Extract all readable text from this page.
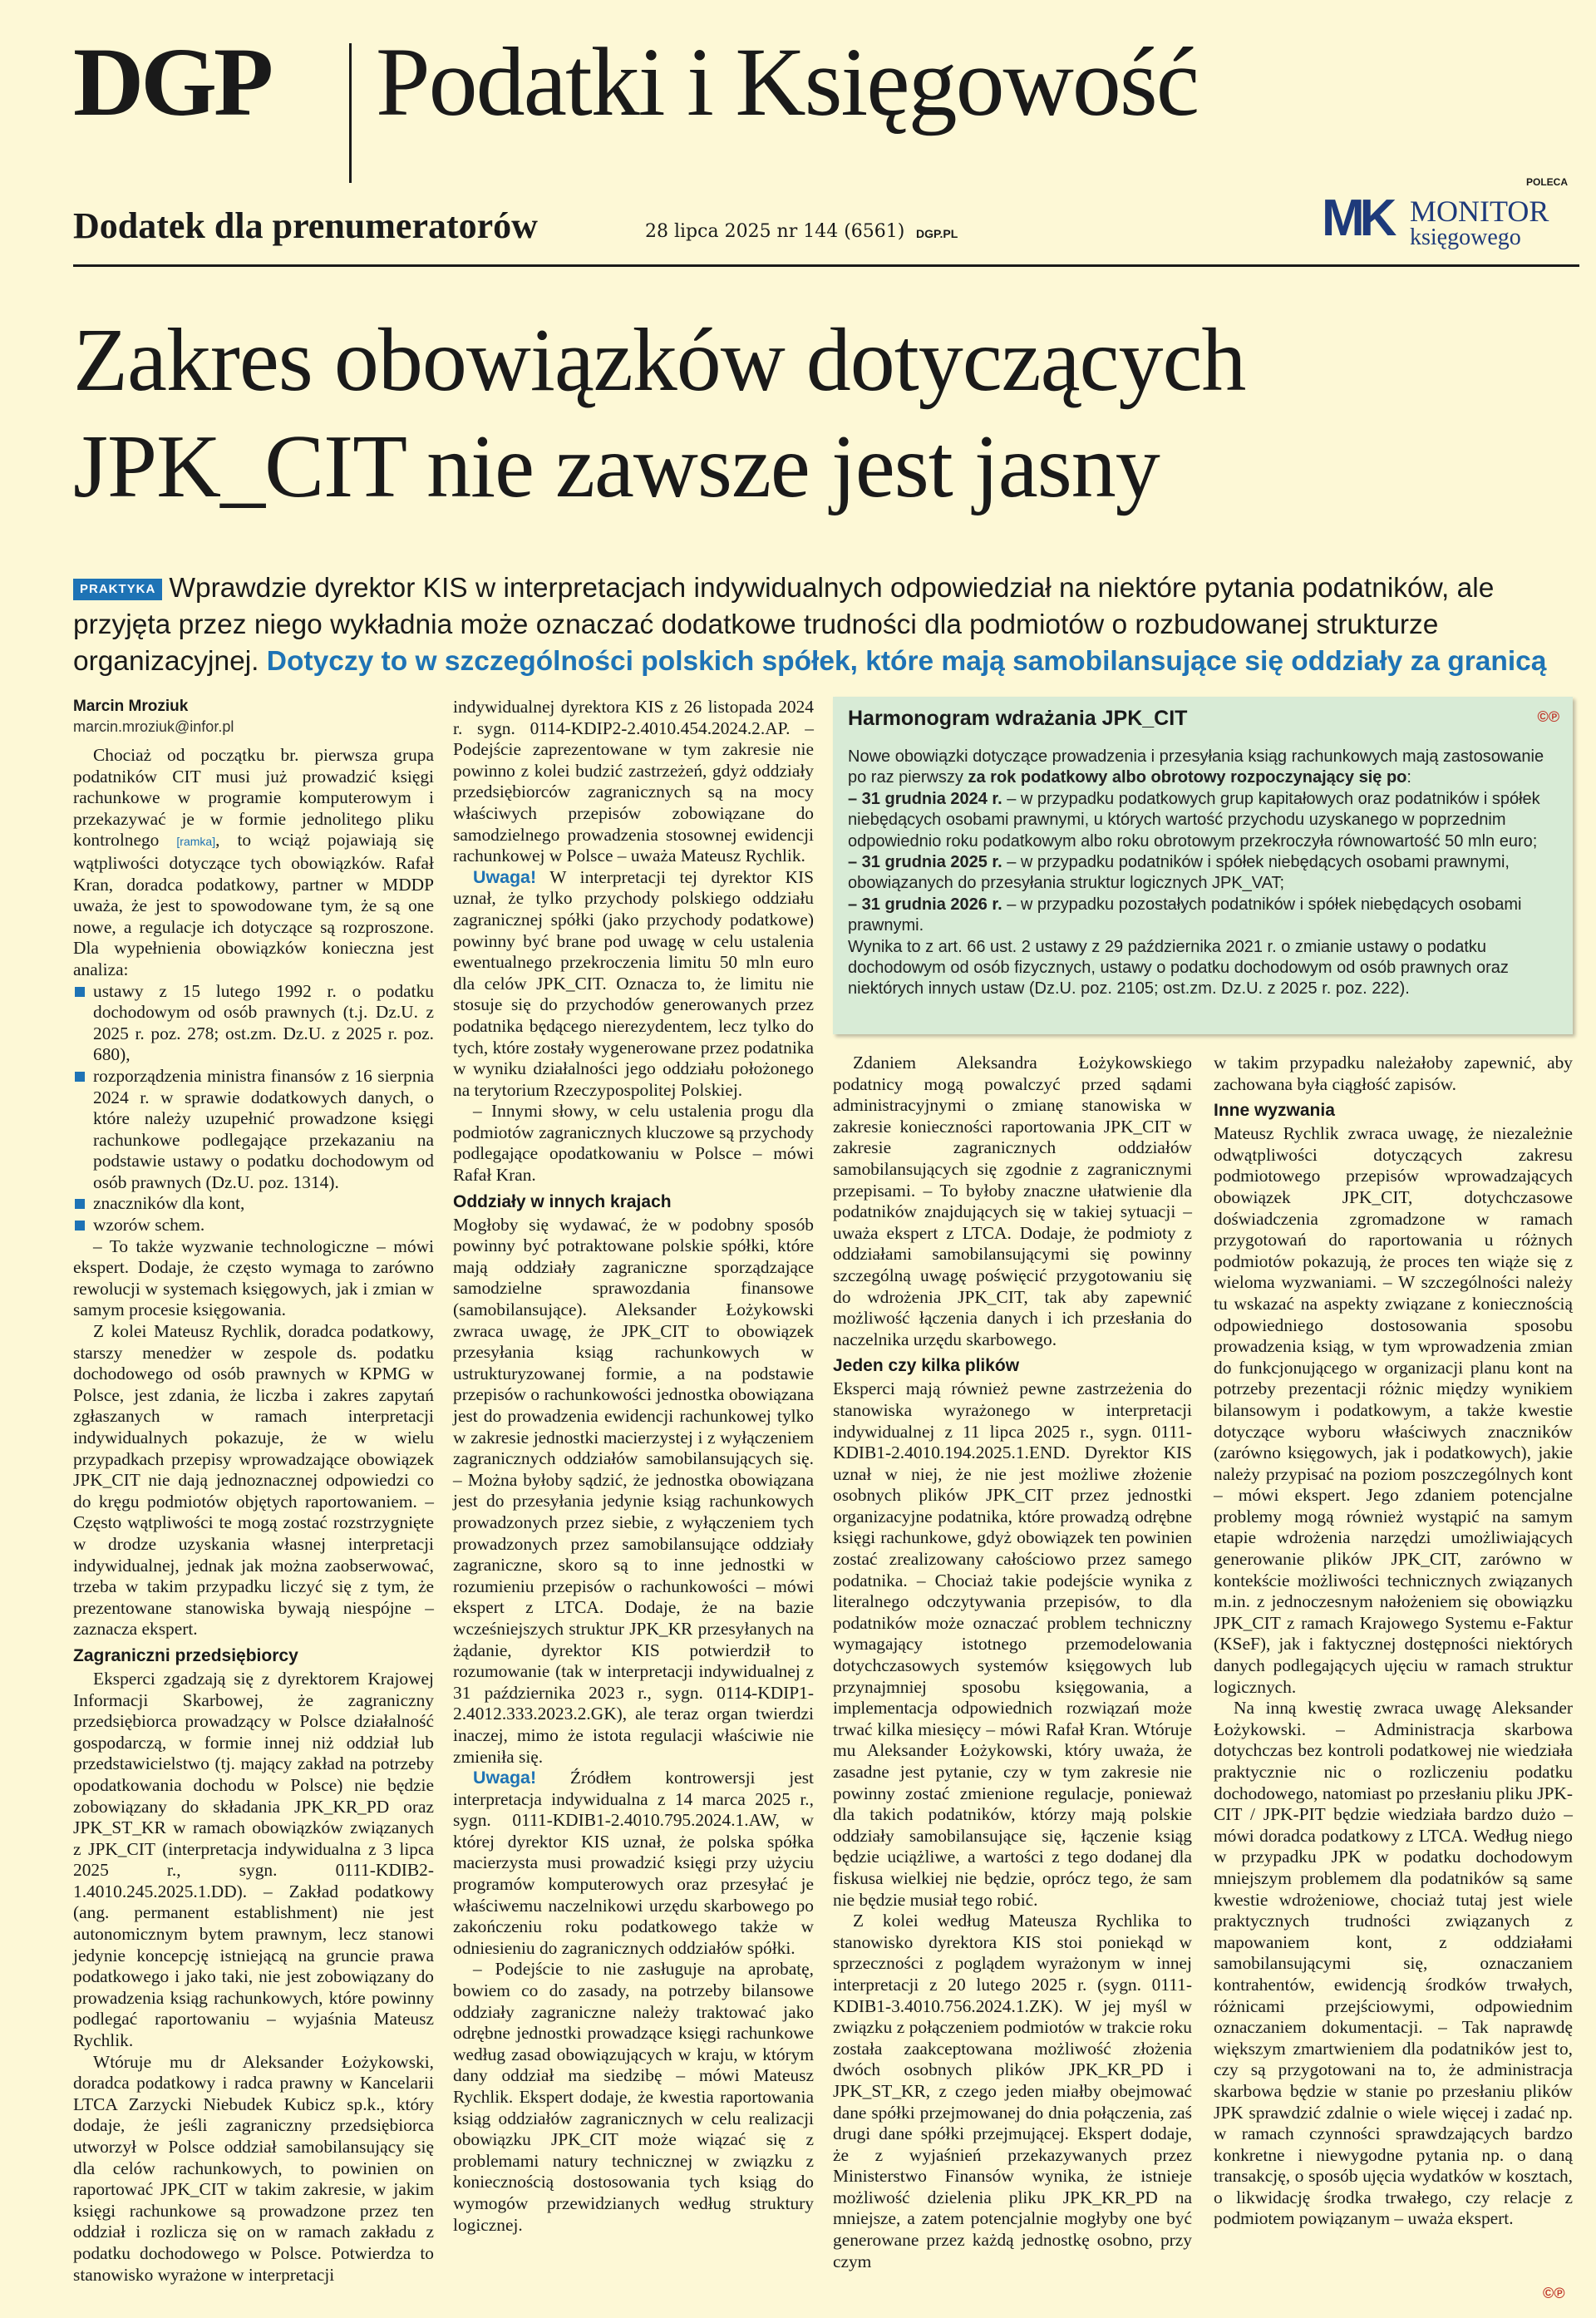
DGP Podatki i Księgowość
Dodatek dla prenumeratorów	28 lipca 2025 nr 144 (6561) DGP.PL
POLECA
MK MONITOR
księgowego
Zakres obowiązków dotyczących
JPK_CIT nie zawsze jest jasny
PRAKTYKA Wprawdzie dyrektor KIS w interpretacjach indywidualnych odpowiedział na niektóre pytania podatników, ale przyjęta przez niego wykładnia może oznaczać dodatkowe trudności dla podmiotów o rozbudowanej strukturze organizacyjnej. Dotyczy to w szczególności polskich spółek, które mają samobilansujące się oddziały za granicą
Marcin Mroziuk
marcin.mroziuk@infor.pl

Chociaż od początku br. pierwsza grupa podatników CIT musi już prowadzić księgi rachunkowe w programie komputerowym i przekazywać je w formie jednolitego pliku kontrolnego [ramka], to wciąż pojawiają się wątpliwości dotyczące tych obowiązków. Rafał Kran, doradca podatkowy, partner w MDDP uważa, że jest to spowodowane tym, że są one nowe, a regulacje ich dotyczące są rozproszone. Dla wypełnienia obowiązków konieczna jest analiza:

ustawy z 15 lutego 1992 r. o podatku dochodowym od osób prawnych (t.j. Dz.U. z 2025 r. poz. 278; ost.zm. Dz.U. z 2025 r. poz. 680),
rozporządzenia ministra finansów z 16 sierpnia 2024 r. w sprawie dodatkowych danych, o które należy uzupełnić prowadzone księgi rachunkowe podlegające przekazaniu na podstawie ustawy o podatku dochodowym od osób prawnych (Dz.U. poz. 1314).
znaczników dla kont,
wzorów schem.

– To także wyzwanie technologiczne – mówi ekspert. Dodaje, że często wymaga to zarówno rewolucji w systemach księgowych, jak i zmian w samym procesie księgowania.

Z kolei Mateusz Rychlik, doradca podatkowy, starszy menedżer w zespole ds. podatku dochodowego od osób prawnych w KPMG w Polsce, jest zdania, że liczba i zakres zapytań zgłaszanych w ramach interpretacji indywidualnych pokazuje, że w wielu przypadkach przepisy wprowadzające obowiązek JPK_CIT nie dają jednoznacznej odpowiedzi co do kręgu podmiotów objętych raportowaniem. –Często wątpliwości te mogą zostać rozstrzygnięte w drodze uzyskania własnej interpretacji indywidualnej, jednak jak można zaobserwować, trzeba w takim przypadku liczyć się z tym, że prezentowane stanowiska bywają niespójne – zaznacza ekspert.

Zagraniczni przedsiębiorcy

Eksperci zgadzają się z dyrektorem Krajowej Informacji Skarbowej, że zagraniczny przedsiębiorca prowadzący w Polsce działalność gospodarczą, w formie innej niż oddział lub przedstawicielstwo (tj. mający zakład na potrzeby opodatkowania dochodu w Polsce) nie będzie zobowiązany do składania JPK_KR_PD oraz JPK_ST_KR w ramach obowiązków związanych z JPK_CIT (interpretacja indywidualna z 3 lipca 2025 r., sygn. 0111-KDIB2-1.4010.245.2025.1.DD). – Zakład podatkowy (ang. permanent establishment) nie jest autonomicznym bytem prawnym, lecz stanowi jedynie koncepcję istniejącą na gruncie prawa podatkowego i jako taki, nie jest zobowiązany do prowadzenia ksiąg rachunkowych, które powinny podlegać raportowaniu – wyjaśnia Mateusz Rychlik.

Wtóruje mu dr Aleksander Łożykowski, doradca podatkowy i radca prawny w Kancelarii LTCA Zarzycki Niebudek Kubicz sp.k., który dodaje, że jeśli zagraniczny przedsiębiorca utworzył w Polsce oddział samobilansujący się dla celów rachunkowych, to powinien on raportować JPK_CIT w takim zakresie, w jakim księgi rachunkowe są prowadzone przez ten oddział i rozlicza się on w ramach zakładu z podatku dochodowego w Polsce. Potwierdza to stanowisko wyrażone w interpretacji

indywidualnej dyrektora KIS z 26 listopada 2024 r. sygn. 0114-KDIP2-2.4010.454.2024.2.AP. – Podejście zaprezentowane w tym zakresie nie powinno z kolei budzić zastrzeżeń, gdyż oddziały przedsiębiorców zagranicznych są na mocy właściwych przepisów zobowiązane do samodzielnego prowadzenia stosownej ewidencji rachunkowej w Polsce – uważa Mateusz Rychlik.

Uwaga! W interpretacji tej dyrektor KIS uznał, że tylko przychody polskiego oddziału zagranicznej spółki (jako przychody podatkowe) powinny być brane pod uwagę w celu ustalenia ewentualnego przekroczenia limitu 50 mln euro dla celów JPK_CIT. Oznacza to, że limitu nie stosuje się do przychodów generowanych przez podatnika będącego nierezydentem, lecz tylko do tych, które zostały wygenerowane przez podatnika w wyniku działalności jego oddziału położonego na terytorium Rzeczypospolitej Polskiej.

– Innymi słowy, w celu ustalenia progu dla podmiotów zagranicznych kluczowe są przychody podlegające opodatkowaniu w Polsce – mówi Rafał Kran.

Oddziały w innych krajach

Mogłoby się wydawać, że w podobny sposób powinny być potraktowane polskie spółki, które mają oddziały zagraniczne sporządzające samodzielne sprawozdania finansowe (samobilansujące). Aleksander Łożykowski zwraca uwagę, że JPK_CIT to obowiązek przesyłania ksiąg rachunkowych w ustrukturyzowanej formie, a na podstawie przepisów o rachunkowości jednostka obowiązana jest do prowadzenia ewidencji rachunkowej tylko w zakresie jednostki macierzystej i z wyłączeniem zagranicznych oddziałów samobilansujących się. – Można byłoby sądzić, że jednostka obowiązana jest do przesyłania jedynie ksiąg rachunkowych prowadzonych przez siebie, z wyłączeniem tych prowadzonych przez samobilansujące oddziały zagraniczne, skoro są to inne jednostki w rozumieniu przepisów o rachunkowości – mówi ekspert z LTCA. Dodaje, że na bazie wcześniejszych struktur JPK_KR przesyłanych na żądanie, dyrektor KIS potwierdził to rozumowanie (tak w interpretacji indywidualnej z 31 października 2023 r., sygn. 0114-KDIP1-2.4012.333.2023.2.GK), ale teraz organ twierdzi inaczej, mimo że istota regulacji właściwie nie zmieniła się.

Uwaga! Źródłem kontrowersji jest interpretacja indywidualna z 14 marca 2025 r., sygn. 0111-KDIB1-2.4010.795.2024.1.AW, w której dyrektor KIS uznał, że polska spółka macierzysta musi prowadzić księgi przy użyciu programów komputerowych oraz przesyłać je właściwemu naczelnikowi urzędu skarbowego po zakończeniu roku podatkowego także w odniesieniu do zagranicznych oddziałów spółki.

– Podejście to nie zasługuje na aprobatę, bowiem co do zasady, na potrzeby bilansowe oddziały zagraniczne należy traktować jako odrębne jednostki prowadzące księgi rachunkowe według zasad obowiązujących w kraju, w którym dany oddział ma siedzibę – mówi Mateusz Rychlik. Ekspert dodaje, że kwestia raportowania ksiąg oddziałów zagranicznych w celu realizacji obowiązku JPK_CIT może wiązać się z problemami natury technicznej w związku z koniecznością dostosowania tych ksiąg do wymogów przewidzianych według struktury logicznej.

Harmonogram wdrażania JPK_CIT	©℗

Nowe obowiązki dotyczące prowadzenia i przesyłania ksiąg rachunkowych mają zastosowanie po raz pierwszy za rok podatkowy albo obrotowy rozpoczynający się po:

– 31 grudnia 2024 r. – w przypadku podatkowych grup kapitałowych oraz podatników i spółek niebędących osobami prawnymi, u których wartość przychodu uzyskanego w poprzednim odpowiednio roku podatkowym albo roku obrotowym przekroczyła równowartość 50 mln euro;

– 31 grudnia 2025 r. – w przypadku podatników i spółek niebędących osobami prawnymi, obowiązanych do przesyłania struktur logicznych JPK_VAT;

– 31 grudnia 2026 r. – w przypadku pozostałych podatników i spółek niebędących osobami prawnymi.

Wynika to z art. 66 ust. 2 ustawy z 29 października 2021 r. o zmianie ustawy o podatku dochodowym od osób fizycznych, ustawy o podatku dochodowym od osób prawnych oraz niektórych innych ustaw (Dz.U. poz. 2105; ost.zm. Dz.U. z 2025 r. poz. 222).

Zdaniem Aleksandra Łożykowskiego podatnicy mogą powalczyć przed sądami administracyjnymi o zmianę stanowiska w zakresie konieczności raportowania JPK_CIT w zakresie zagranicznych oddziałów samobilansujących się zgodnie z zagranicznymi przepisami. – To byłoby znaczne ułatwienie dla podatników znajdujących się w takiej sytuacji – uważa ekspert z LTCA. Dodaje, że podmioty z oddziałami samobilansującymi się powinny szczególną uwagę poświęcić przygotowaniu się do wdrożenia JPK_CIT, tak aby zapewnić możliwość łączenia danych i ich przesłania do naczelnika urzędu skarbowego.

Jeden czy kilka plików

Eksperci mają również pewne zastrzeżenia do stanowiska wyrażonego w interpretacji indywidualnej z 11 lipca 2025 r., sygn. 0111-KDIB1-2.4010.194.2025.1.END. Dyrektor KIS uznał w niej, że nie jest możliwe złożenie osobnych plików JPK_CIT przez jednostki organizacyjne podatnika, które prowadzą odrębne księgi rachunkowe, gdyż obowiązek ten powinien zostać zrealizowany całościowo przez samego podatnika. – Chociaż takie podejście wynika z literalnego odczytywania przepisów, to dla podatników może oznaczać problem techniczny wymagający istotnego przemodelowania dotychczasowych systemów księgowych lub przynajmniej sposobu księgowania, a implementacja odpowiednich rozwiązań może trwać kilka miesięcy – mówi Rafał Kran. Wtóruje mu Aleksander Łożykowski, który uważa, że zasadne jest pytanie, czy w tym zakresie nie powinny zostać zmienione regulacje, ponieważ dla takich podatników, którzy mają polskie oddziały samobilansujące się, łączenie ksiąg będzie uciążliwe, a wartości z tego dodanej dla fiskusa wielkiej nie będzie, oprócz tego, że sam nie będzie musiał tego robić.

Z kolei według Mateusza Rychlika to stanowisko dyrektora KIS stoi poniekąd w sprzeczności z poglądem wyrażonym w innej interpretacji z 20 lutego 2025 r. (sygn. 0111-KDIB1-3.4010.756.2024.1.ZK). W jej myśl w związku z połączeniem podmiotów w trakcie roku została zaakceptowana możliwość złożenia dwóch osobnych plików JPK_KR_PD i JPK_ST_KR, z czego jeden miałby obejmować dane spółki przejmowanej do dnia połączenia, zaś drugi dane spółki przejmującej. Ekspert dodaje, że z wyjaśnień przekazywanych przez Ministerstwo Finansów wynika, że istnieje możliwość dzielenia pliku JPK_KR_PD na mniejsze, a zatem potencjalnie mogłyby one być generowane przez każdą jednostkę osobno, przy czym

w takim przypadku należałoby zapewnić, aby zachowana była ciągłość zapisów.

Inne wyzwania

Mateusz Rychlik zwraca uwagę, że niezależnie odwątpliwości dotyczących zakresu podmiotowego przepisów wprowadzających obowiązek JPK_CIT, dotychczasowe doświadczenia zgromadzone w ramach przygotowań do raportowania u różnych podmiotów pokazują, że proces ten wiąże się z wieloma wyzwaniami. – W szczególności należy tu wskazać na aspekty związane z koniecznością odpowiedniego dostosowania sposobu prowadzenia ksiąg, w tym wprowadzenia zmian do funkcjonującego w organizacji planu kont na potrzeby prezentacji różnic między wynikiem bilansowym i podatkowym, a także kwestie dotyczące wyboru właściwych znaczników (zarówno księgowych, jak i podatkowych), jakie należy przypisać na poziom poszczególnych kont – mówi ekspert. Jego zdaniem potencjalne problemy mogą również wystąpić na samym etapie wdrożenia narzędzi umożliwiających generowanie plików JPK_CIT, zarówno w kontekście możliwości technicznych związanych m.in. z jednoczesnym nałożeniem się obowiązku JPK_CIT z ramach Krajowego Systemu e-Faktur (KSeF), jak i faktycznej dostępności niektórych danych podlegających ujęciu w ramach struktur logicznych.

Na inną kwestię zwraca uwagę Aleksander Łożykowski. – Administracja skarbowa dotychczas bez kontroli podatkowej nie wiedziała praktycznie nic o rozliczeniu podatku dochodowego, natomiast po przesłaniu pliku JPK-CIT / JPK-PIT będzie wiedziała bardzo dużo – mówi doradca podatkowy z LTCA. Według niego w przypadku JPK w podatku dochodowym mniejszym problemem dla podatników są same kwestie wdrożeniowe, chociaż tutaj jest wiele praktycznych trudności związanych z mapowaniem kont, z oddziałami samobilansującymi się, oznaczaniem kontrahentów, ewidencją środków trwałych, różnicami przejściowymi, odpowiednim oznaczaniem dokumentacji. – Tak naprawdę większym zmartwieniem dla podatników jest to, czy są przygotowani na to, że administracja skarbowa będzie w stanie po przesłaniu plików JPK sprawdzić zdalnie o wiele więcej i zadać np. w ramach czynności sprawdzających bardzo konkretne i niewygodne pytania np. o daną transakcję, o sposób ujęcia wydatków w kosztach, o likwidację środka trwałego, czy relacje z podmiotem powiązanym – uważa ekspert.

©℗
